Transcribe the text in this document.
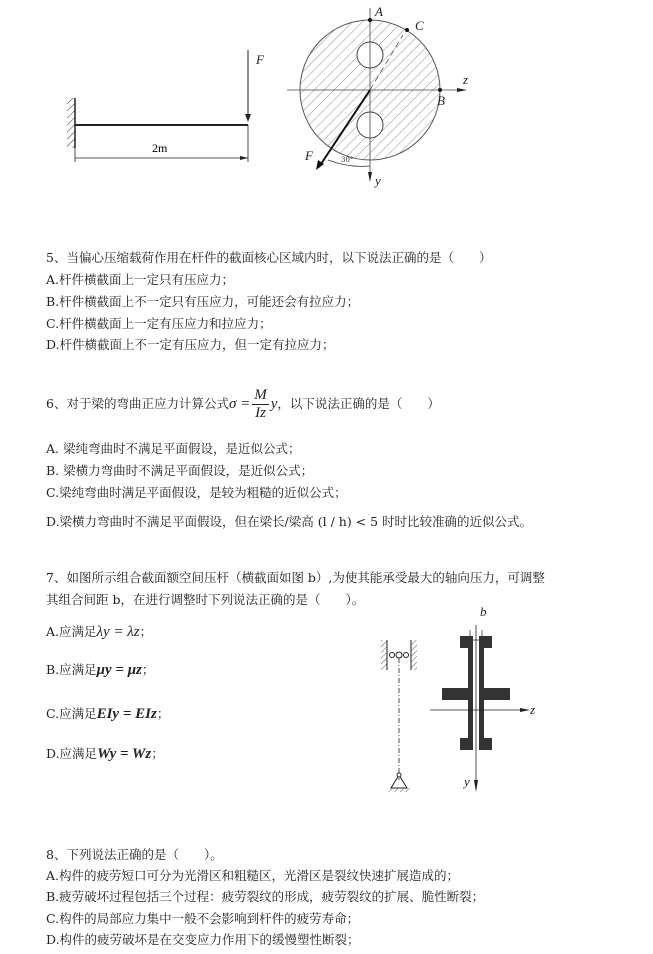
F
2m
A
C
B
z
y
F	30°
5、当偏心压缩载荷作用在杆件的截面核心区域内时，以下说法正确的是（　　）
A.杆件横截面上一定只有压应力；
B.杆件横截面上不一定只有压应力，可能还会有拉应力；
C.杆件横截面上一定有压应力和拉应力；
D.杆件横截面上不一定有压应力，但一定有拉应力；
6、对于梁的弯曲正应力计算公式$\sigma = \frac{M}{Iz}$ y，以下说法正确的是（　　）
A. 梁纯弯曲时不满足平面假设，是近似公式；
B. 梁横力弯曲时不满足平面假设，是近似公式；
C.梁纯弯曲时满足平面假设，是较为粗糙的近似公式；
D.梁横力弯曲时不满足平面假设，但在梁长/梁高 (l / h) < 5 时时比较准确的近似公式。
7、如图所示组合截面额空间压杆（横截面如图 b）,为使其能承受最大的轴向压力，可调整
其组合间距 b，在进行调整时下列说法正确的是（　　）。
A.应满足λy = λz；
B.应满足μy = μz；
C.应满足EIy = EIz；
D.应满足Wy = Wz；
b
z
y
8、下列说法正确的是（　　）。
A.构件的疲劳短口可分为光滑区和粗糙区，光滑区是裂纹快速扩展造成的；
B.疲劳破坏过程包括三个过程：疲劳裂纹的形成，疲劳裂纹的扩展、脆性断裂；
C.构件的局部应力集中一般不会影响到杆件的疲劳寿命；
D.构件的疲劳破坏是在交变应力作用下的缓慢塑性断裂；
